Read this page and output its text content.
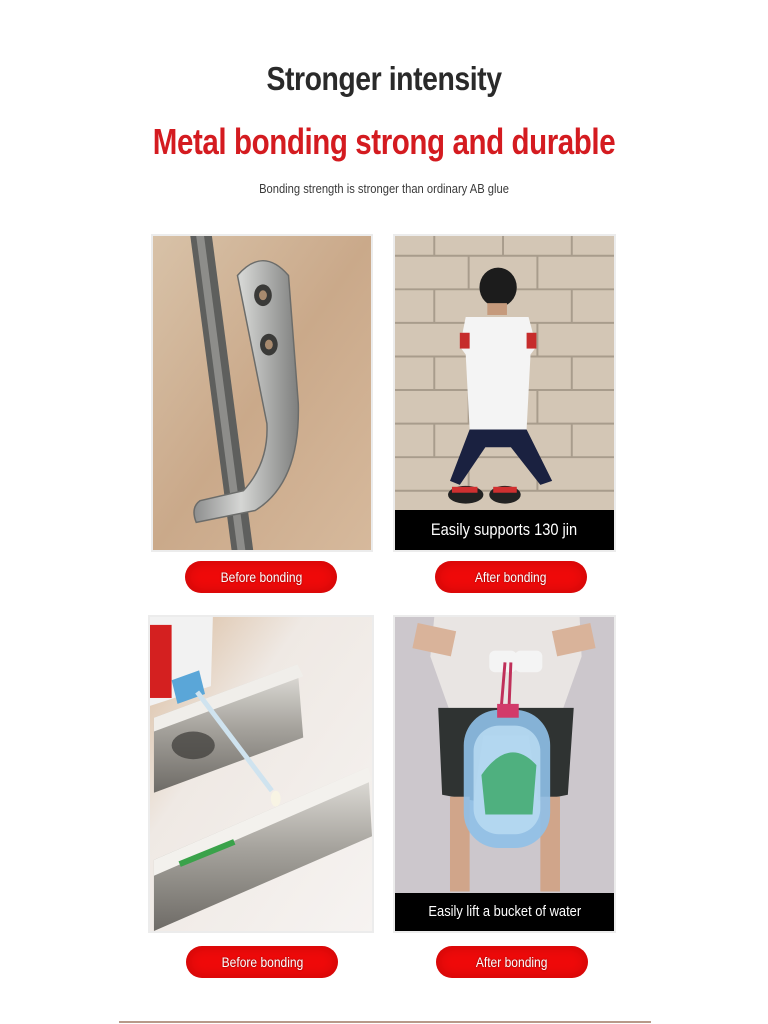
Stronger intensity
Metal bonding strong and durable

Bonding strength is stronger than ordinary AB glue

Easily supports 130 jin
Before bonding	After bonding
Easily lift a bucket of water
Before bonding	After bonding
